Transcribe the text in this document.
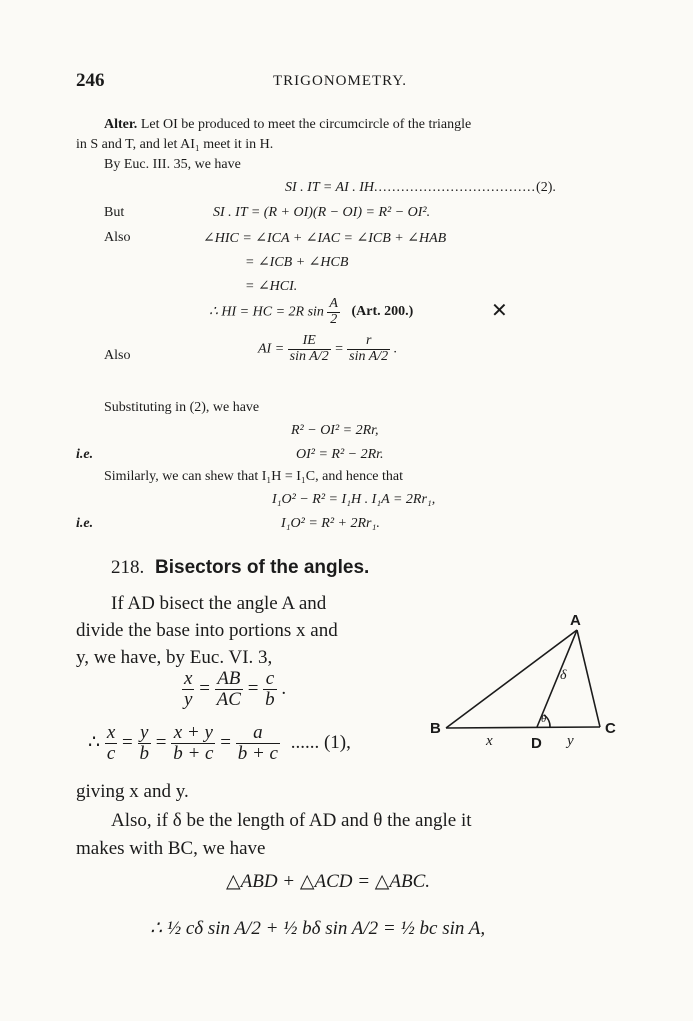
246	TRIGONOMETRY.
Alter. Let OI be produced to meet the circumcircle of the triangle
in S and T, and let AI₁ meet it in H.
By Euc. III. 35, we have
SI . IT = AI . IH....................................(2).
But	SI . IT = (R + OI)(R − OI) = R² − OI².
Also	∠HIC = ∠ICA + ∠IAC = ∠ICB + ∠HAB
= ∠ICB + ∠HCB
= ∠HCI.
∴ HI = HC = 2R $\sin \frac{A}{2} (Art$. 200.)	✕
Also	AI = $\frac{IE}{\text{sin A/2}} = \frac{r}{\text{sin A/2}}$ .
Substituting in (2), we have
R² − OI² = 2Rr,
i.e.	OI² = R² − 2Rr.
Similarly, we can shew that I₁H = I₁C, and hence that
I₁O² − R² = I₁H . I₁A = 2Rr₁,
i.e.	I₁O² = R² + 2Rr₁.
218. Bisectors of the angles.
If AD bisect the angle A and
divide the base into portions x and
y, we have, by Euc. VI. 3,
$\frac{x}{y} = \frac{AB}{AC} = \frac{c}{b}$ .
∴ $\frac{x}{c} = \frac{y}{b} = \frac{x + y}{b + c} = \frac{a}{b + c}$ ...... (1),
giving x and y.
Also, if δ be the length of AD and θ the angle it
makes with BC, we have
△ABD + △ACD = △ABC.
∴ ½ cδ sin A/2 + ½ bδ sin A/2 = ½ bc sin A,
A
B	C
D
x	y
δ
θ
